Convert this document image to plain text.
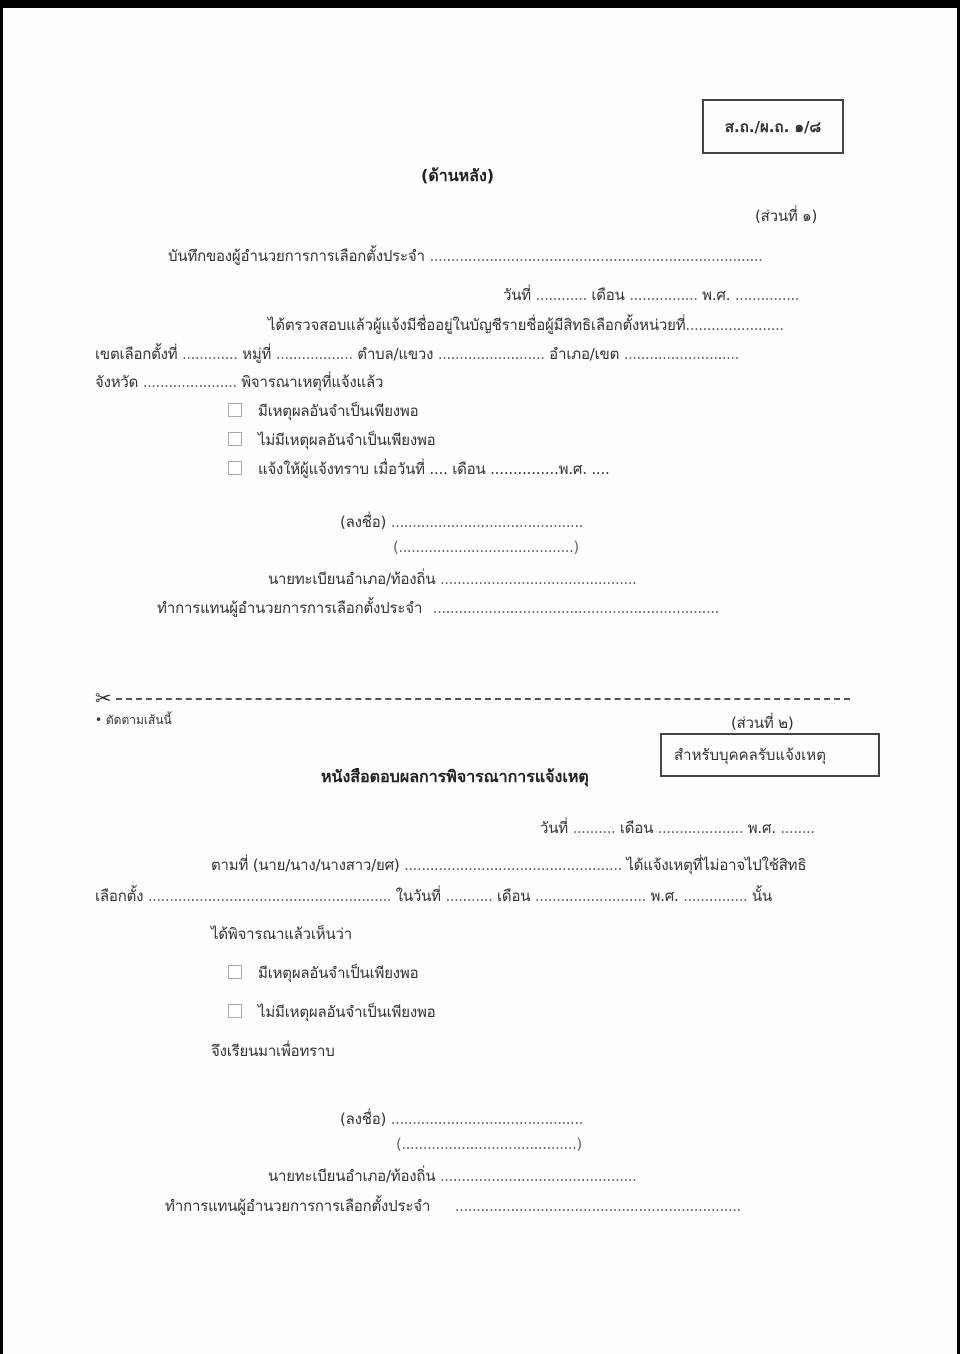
ส.ถ./ผ.ถ. ๑/๘
(ด้านหลัง)
(ส่วนที่ ๑)
บันทึกของผู้อำนวยการการเลือกตั้งประจำ ..............................................................................
วันที่ ............ เดือน ................ พ.ศ. ...............
ได้ตรวจสอบแล้วผู้แจ้งมีชื่ออยู่ในบัญชีรายชื่อผู้มีสิทธิเลือกตั้งหน่วยที่.......................
เขตเลือกตั้งที่ ............. หมู่ที่ .................. ตำบล/แขวง ......................... อำเภอ/เขต ...........................
จังหวัด ...................... พิจารณาเหตุที่แจ้งแล้ว
มีเหตุผลอันจำเป็นเพียงพอ
ไม่มีเหตุผลอันจำเป็นเพียงพอ
แจ้งให้ผู้แจ้งทราบ เมื่อวันที่ .... เดือน ...............พ.ศ. ....
(ลงชื่อ) .............................................
(.........................................)
นายทะเบียนอำเภอ/ท้องถิ่น ..............................................
ทำการแทนผู้อำนวยการการเลือกตั้งประจำ ...................................................................
✂
• ตัดตามเส้นนี้	(ส่วนที่ ๒)
สำหรับบุคคลรับแจ้งเหตุ
หนังสือตอบผลการพิจารณาการแจ้งเหตุ
วันที่ .......... เดือน .................... พ.ศ. ........
ตามที่ (นาย/นาง/นางสาว/ยศ) ................................................... ได้แจ้งเหตุที่ไม่อาจไปใช้สิทธิ
เลือกตั้ง ......................................................... ในวันที่ ........... เดือน .......................... พ.ศ. ............... นั้น
ได้พิจารณาแล้วเห็นว่า
มีเหตุผลอันจำเป็นเพียงพอ
ไม่มีเหตุผลอันจำเป็นเพียงพอ
จึงเรียนมาเพื่อทราบ
(ลงชื่อ) .............................................
(.........................................)
นายทะเบียนอำเภอ/ท้องถิ่น ..............................................
ทำการแทนผู้อำนวยการการเลือกตั้งประจำ ...................................................................
